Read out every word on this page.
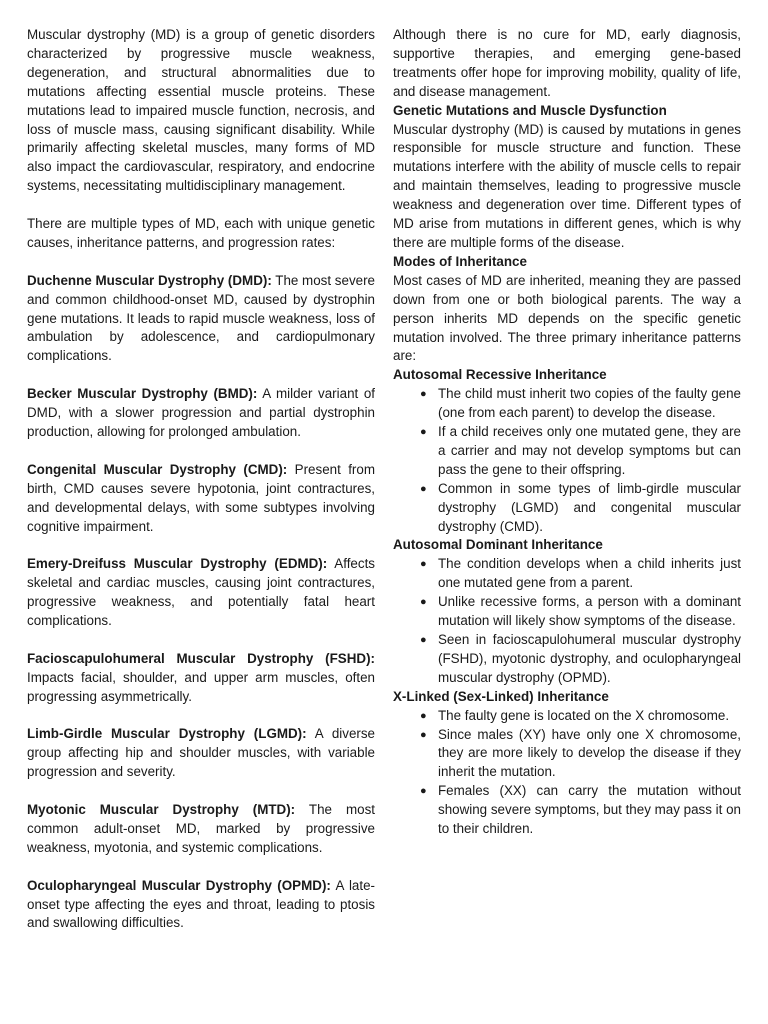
Muscular dystrophy (MD) is a group of genetic disorders characterized by progressive muscle weakness, degeneration, and structural abnormalities due to mutations affecting essential muscle proteins. These mutations lead to impaired muscle function, necrosis, and loss of muscle mass, causing significant disability. While primarily affecting skeletal muscles, many forms of MD also impact the cardiovascular, respiratory, and endocrine systems, necessitating multidisciplinary management.

There are multiple types of MD, each with unique genetic causes, inheritance patterns, and progression rates:

Duchenne Muscular Dystrophy (DMD): The most severe and common childhood-onset MD, caused by dystrophin gene mutations. It leads to rapid muscle weakness, loss of ambulation by adolescence, and cardiopulmonary complications.

Becker Muscular Dystrophy (BMD): A milder variant of DMD, with a slower progression and partial dystrophin production, allowing for prolonged ambulation.

Congenital Muscular Dystrophy (CMD): Present from birth, CMD causes severe hypotonia, joint contractures, and developmental delays, with some subtypes involving cognitive impairment.

Emery-Dreifuss Muscular Dystrophy (EDMD): Affects skeletal and cardiac muscles, causing joint contractures, progressive weakness, and potentially fatal heart complications.

Facioscapulohumeral Muscular Dystrophy (FSHD): Impacts facial, shoulder, and upper arm muscles, often progressing asymmetrically.

Limb-Girdle Muscular Dystrophy (LGMD): A diverse group affecting hip and shoulder muscles, with variable progression and severity.

Myotonic Muscular Dystrophy (MTD): The most common adult-onset MD, marked by progressive weakness, myotonia, and systemic complications.

Oculopharyngeal Muscular Dystrophy (OPMD): A late-onset type affecting the eyes and throat, leading to ptosis and swallowing difficulties.

Although there is no cure for MD, early diagnosis, supportive therapies, and emerging gene-based treatments offer hope for improving mobility, quality of life, and disease management.

Genetic Mutations and Muscle Dysfunction

Muscular dystrophy (MD) is caused by mutations in genes responsible for muscle structure and function. These mutations interfere with the ability of muscle cells to repair and maintain themselves, leading to progressive muscle weakness and degeneration over time. Different types of MD arise from mutations in different genes, which is why there are multiple forms of the disease.

Modes of Inheritance

Most cases of MD are inherited, meaning they are passed down from one or both biological parents. The way a person inherits MD depends on the specific genetic mutation involved. The three primary inheritance patterns are:

Autosomal Recessive Inheritance

● The child must inherit two copies of the faulty gene (one from each parent) to develop the disease.
● If a child receives only one mutated gene, they are a carrier and may not develop symptoms but can pass the gene to their offspring.
● Common in some types of limb-girdle muscular dystrophy (LGMD) and congenital muscular dystrophy (CMD).

Autosomal Dominant Inheritance

● The condition develops when a child inherits just one mutated gene from a parent.
● Unlike recessive forms, a person with a dominant mutation will likely show symptoms of the disease.
● Seen in facioscapulohumeral muscular dystrophy (FSHD), myotonic dystrophy, and oculopharyngeal muscular dystrophy (OPMD).

X-Linked (Sex-Linked) Inheritance

● The faulty gene is located on the X chromosome.
● Since males (XY) have only one X chromosome, they are more likely to develop the disease if they inherit the mutation.
● Females (XX) can carry the mutation without showing severe symptoms, but they may pass it on to their children.
